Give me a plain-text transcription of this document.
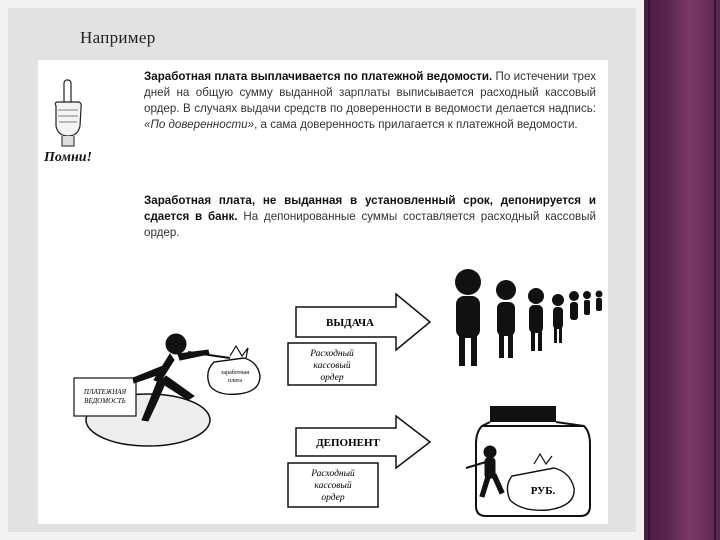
Например
Помни!
Заработная плата выплачивается по платежной ведомости. По истечении трех дней на общую сумму выданной зарплаты выписывается расходный кассовый ордер. В случаях выдачи средств по доверенности в ведомости делается надпись: «По доверенности», а сама доверенность прилагается к платежной ведомости.
Заработная плата, не выданная в установленный срок, депонируется и сдается в банк. На депонированные суммы составляется расходный кассовый ордер.
ПЛАТЕЖНАЯ
ВЕДОМОСТЬ
заработная
плата
ВЫДАЧА
Расходный
кассовый
ордер
ДЕПОНЕНТ
Расходный
кассовый
ордер
РУБ.
